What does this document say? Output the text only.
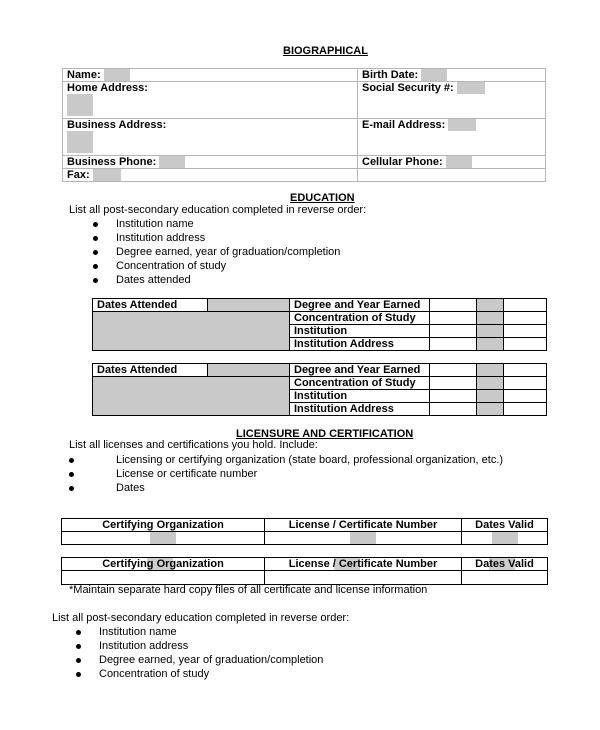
BIOGRAPHICAL
Name:	Birth Date:

Home Address:	Social Security #:

Business Address:	E-mail Address:
Business Phone:	Cellular Phone:
Fax:	
EDUCATION
List all post-secondary education completed in reverse order:
Institution name
Institution address
Degree earned, year of graduation/completion
Concentration of study
Dates attended
Dates Attended		Degree and Year Earned			
		Concentration of Study			
		Institution			
		Institution Address			
Dates Attended		Degree and Year Earned			
		Concentration of Study			
		Institution			
		Institution Address			
LICENSURE AND CERTIFICATION
List all licenses and certifications you hold. Include:
Licensing or certifying organization (state board, professional organization, etc.)
License or certificate number
Dates
Certifying Organization	License / Certificate Number	Dates Valid

Certifying Organization	License / Certificate Number	Dates Valid

*Maintain separate hard copy files of all certificate and license information
List all post-secondary education completed in reverse order:
Institution name
Institution address
Degree earned, year of graduation/completion
Concentration of study
